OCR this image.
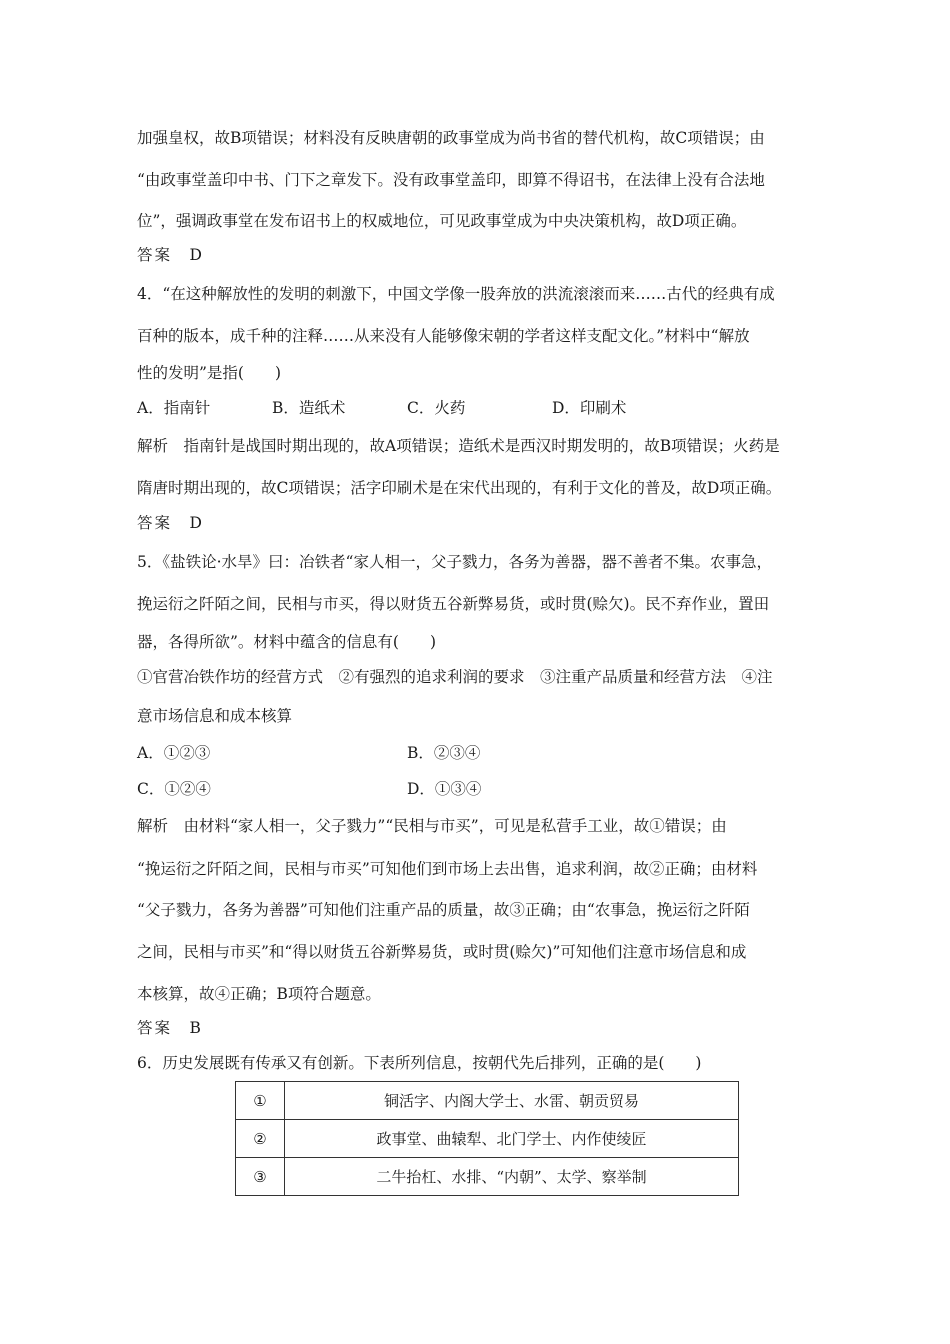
加强皇权，故B项错误；材料没有反映唐朝的政事堂成为尚书省的替代机构，故C项错误；由
“由政事堂盖印中书、门下之章发下。没有政事堂盖印，即算不得诏书，在法律上没有合法地
位”，强调政事堂在发布诏书上的权威地位，可见政事堂成为中央决策机构，故D项正确。
答案　D
4．“在这种解放性的发明的刺激下，中国文学像一股奔放的洪流滚滚而来……古代的经典有成
百种的版本，成千种的注释……从来没有人能够像宋朝的学者这样支配文化。”材料中“解放
性的发明”是指(　　)
A．指南针	B．造纸术	C．火药	D．印刷术
解析　指南针是战国时期出现的，故A项错误；造纸术是西汉时期发明的，故B项错误；火药是
隋唐时期出现的，故C项错误；活字印刷术是在宋代出现的，有利于文化的普及，故D项正确。
答案　D
5．《盐铁论·水旱》曰：冶铁者“家人相一，父子戮力，各务为善器，器不善者不集。农事急，
挽运衍之阡陌之间，民相与市买，得以财货五谷新弊易货，或时贯(赊欠)。民不弃作业，置田
器，各得所欲”。材料中蕴含的信息有(　　)
①官营冶铁作坊的经营方式　②有强烈的追求利润的要求　③注重产品质量和经营方法　④注
意市场信息和成本核算
A．①②③	B．②③④
C．①②④	D．①③④
解析　由材料“家人相一，父子戮力”“民相与市买”，可见是私营手工业，故①错误；由
“挽运衍之阡陌之间，民相与市买”可知他们到市场上去出售，追求利润，故②正确；由材料
“父子戮力，各务为善器”可知他们注重产品的质量，故③正确；由“农事急，挽运衍之阡陌
之间，民相与市买”和“得以财货五谷新弊易货，或时贯(赊欠)”可知他们注意市场信息和成
本核算，故④正确；B项符合题意。
答案　B
6．历史发展既有传承又有创新。下表所列信息，按朝代先后排列，正确的是(　　)
①	铜活字、内阁大学士、水雷、朝贡贸易
②	政事堂、曲辕犁、北门学士、内作使绫匠
③	二牛抬杠、水排、“内朝”、太学、察举制
